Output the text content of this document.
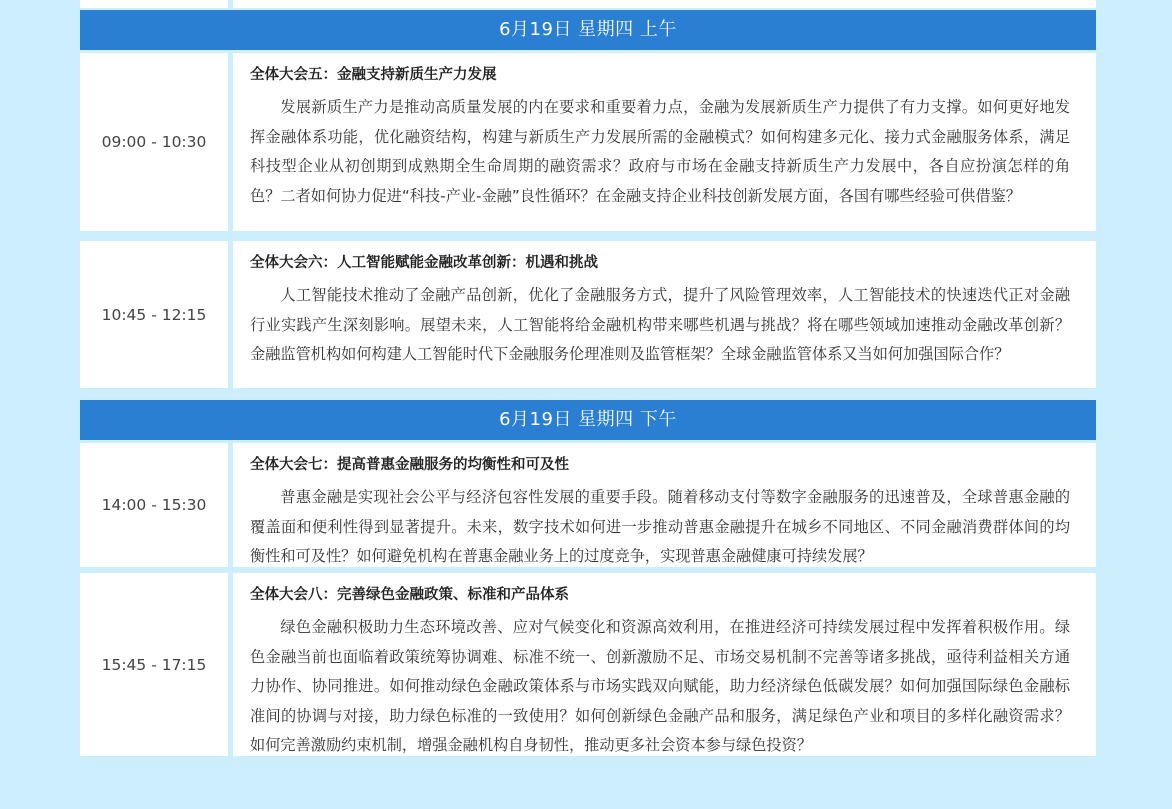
6月19日 星期四 上午
09:00 - 10:30
全体大会五：金融支持新质生产力发展

发展新质生产力是推动高质量发展的内在要求和重要着力点，金融为发展新质生产力提供了有力支撑。如何更好地发挥金融体系功能，优化融资结构，构建与新质生产力发展所需的金融模式？如何构建多元化、接力式金融服务体系，满足科技型企业从初创期到成熟期全生命周期的融资需求？政府与市场在金融支持新质生产力发展中，各自应扮演怎样的角色？二者如何协力促进“科技-产业-金融”良性循环？在金融支持企业科技创新发展方面，各国有哪些经验可供借鉴？

10:45 - 12:15
全体大会六：人工智能赋能金融改革创新：机遇和挑战

人工智能技术推动了金融产品创新，优化了金融服务方式，提升了风险管理效率，人工智能技术的快速迭代正对金融行业实践产生深刻影响。展望未来，人工智能将给金融机构带来哪些机遇与挑战？将在哪些领域加速推动金融改革创新？金融监管机构如何构建人工智能时代下金融服务伦理准则及监管框架？全球金融监管体系又当如何加强国际合作？

6月19日 星期四 下午
14:00 - 15:30
全体大会七：提高普惠金融服务的均衡性和可及性

普惠金融是实现社会公平与经济包容性发展的重要手段。随着移动支付等数字金融服务的迅速普及，全球普惠金融的覆盖面和便利性得到显著提升。未来，数字技术如何进一步推动普惠金融提升在城乡不同地区、不同金融消费群体间的均衡性和可及性？如何避免机构在普惠金融业务上的过度竞争，实现普惠金融健康可持续发展？

15:45 - 17:15
全体大会八：完善绿色金融政策、标准和产品体系

绿色金融积极助力生态环境改善、应对气候变化和资源高效利用，在推进经济可持续发展过程中发挥着积极作用。绿色金融当前也面临着政策统筹协调难、标准不统一、创新激励不足、市场交易机制不完善等诸多挑战，亟待利益相关方通力协作、协同推进。如何推动绿色金融政策体系与市场实践双向赋能，助力经济绿色低碳发展？如何加强国际绿色金融标准间的协调与对接，助力绿色标准的一致使用？如何创新绿色金融产品和服务，满足绿色产业和项目的多样化融资需求？如何完善激励约束机制，增强金融机构自身韧性，推动更多社会资本参与绿色投资？
